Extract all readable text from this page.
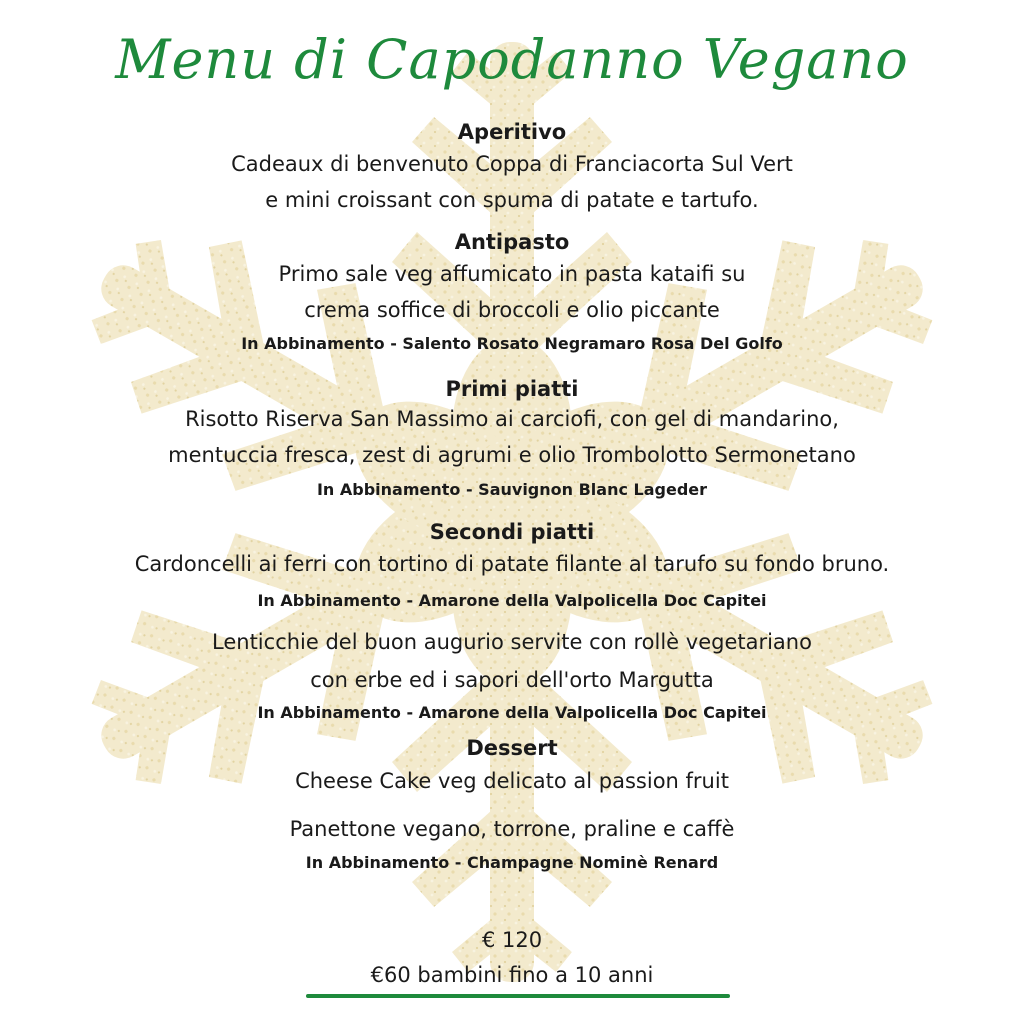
Menu di Capodanno Vegano
Aperitivo
Cadeaux di benvenuto Coppa di Franciacorta Sul Vert
e mini croissant con spuma di patate e tartufo.
Antipasto
Primo sale veg affumicato in pasta kataifi su
crema soffice di broccoli e olio piccante
In Abbinamento - Salento Rosato Negramaro Rosa Del Golfo
Primi piatti
Risotto Riserva San Massimo ai carciofi, con gel di mandarino,
mentuccia fresca, zest di agrumi e olio Trombolotto Sermonetano
In Abbinamento - Sauvignon Blanc Lageder
Secondi piatti
Cardoncelli ai ferri con tortino di patate filante al tarufo su fondo bruno.
In Abbinamento - Amarone della Valpolicella Doc Capitei
Lenticchie del buon augurio servite con rollè vegetariano
con erbe ed i sapori dell'orto Margutta
In Abbinamento - Amarone della Valpolicella Doc Capitei
Dessert
Cheese Cake veg delicato al passion fruit
Panettone vegano, torrone, praline e caffè
In Abbinamento - Champagne Nominè Renard
€ 120
€60 bambini fino a 10 anni
